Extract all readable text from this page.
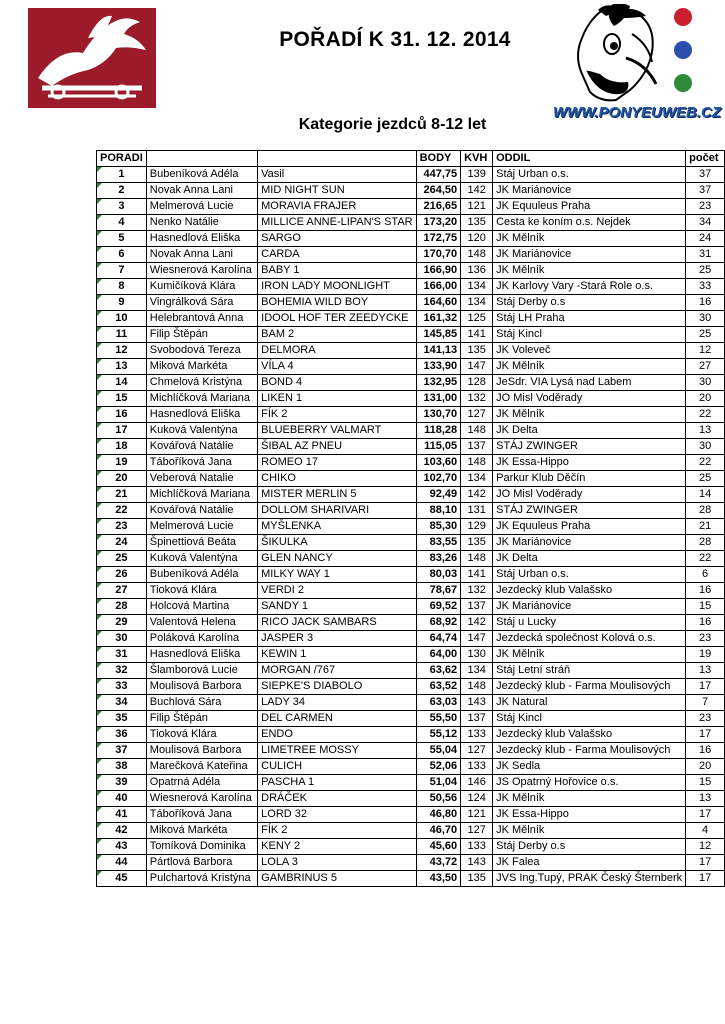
POŘADÍ K 31. 12. 2014
WWW.PONYEUWEB.CZ
Kategorie jezdců 8-12 let
PORADI			BODY	KVH	ODDIL	počet
1	Bubeníková Adéla	Vasil	447,75	139	Stáj Urban o.s.	37
2	Novak Anna Lani	MID NIGHT SUN	264,50	142	JK Mariánovice	37
3	Melmerová Lucie	MORAVIA FRAJER	216,65	121	JK Equuleus Praha	23
4	Nenko Natálie	MILLICE ANNE-LIPAN'S STAR	173,20	135	Cesta ke koním o.s. Nejdek	34
5	Hasnedlová Eliška	SARGO	172,75	120	JK Mělník	24
6	Novak Anna Lani	CARDA	170,70	148	JK Mariánovice	31
7	Wiesnerová Karolína	BABY 1	166,90	136	JK Mělník	25
8	Kumičíková Klára	IRON LADY MOONLIGHT	166,00	134	JK Karlovy Vary -Stará Role o.s.	33
9	Vingrálková Sára	BOHEMIA WILD BOY	164,60	134	Stáj Derby o.s	16
10	Helebrantová Anna	IDOOL HOF TER ZEEDYCKE	161,32	125	Stáj LH Praha	30
11	Filip Štěpán	BAM 2	145,85	141	Stáj Kincl	25
12	Svobodová Tereza	DELMORA	141,13	135	JK Voleveč	12
13	Miková Markéta	VÍLA 4	133,90	147	JK Mělník	27
14	Chmelová Kristýna	BOND 4	132,95	128	JeSdr. VIA Lysá nad Labem	30
15	Michlíčková Mariana	LIKEN 1	131,00	132	JO Misl Voděrady	20
16	Hasnedlová Eliška	FÍK 2	130,70	127	JK Mělník	22
17	Kuková Valentýna	BLUEBERRY VALMART	118,28	148	JK Delta	13
18	Kovářová Natálie	ŠIBAL AZ PNEU	115,05	137	STÁJ ZWINGER	30
19	Táboříková Jana	ROMEO 17	103,60	148	JK Essa-Hippo	22
20	Veberová Natalie	CHIKO	102,70	134	Parkur Klub Děčín	25
21	Michlíčková Mariana	MISTER MERLIN 5	92,49	142	JO Misl Voděrady	14
22	Kovářová Natálie	DOLLOM SHARIVARI	88,10	131	STÁJ ZWINGER	28
23	Melmerová Lucie	MYŠLENKA	85,30	129	JK Equuleus Praha	21
24	Špinettiová Beáta	ŠIKULKA	83,55	135	JK Mariánovice	28
25	Kuková Valentýna	GLEN NANCY	83,26	148	JK Delta	22
26	Bubeníková Adéla	MILKY WAY 1	80,03	141	Stáj Urban o.s.	6
27	Tioková Klára	VERDI 2	78,67	132	Jezdecký klub Valašsko	16
28	Holcová Martina	SANDY 1	69,52	137	JK Mariánovice	15
29	Valentová Helena	RICO JACK SAMBARS	68,92	142	Stáj u Lucky	16
30	Poláková Karolína	JASPER 3	64,74	147	Jezdecká společnost Kolová o.s.	23
31	Hasnedlová Eliška	KEWIN 1	64,00	130	JK Mělník	19
32	Šlamborová Lucie	MORGAN /767	63,62	134	Stáj Letní stráň	13
33	Moulisová Barbora	SIEPKE'S DIABOLO	63,52	148	Jezdecký klub - Farma Moulisových	17
34	Buchlová Sára	LADY 34	63,03	143	JK Natural	7
35	Filip Štěpán	DEL CARMEN	55,50	137	Stáj Kincl	23
36	Tioková Klára	ENDO	55,12	133	Jezdecký klub Valašsko	17
37	Moulisová Barbora	LIMETREE MOSSY	55,04	127	Jezdecký klub - Farma Moulisových	16
38	Marečková Kateřina	CULICH	52,06	133	JK Sedla	20
39	Opatrná Adéla	PASCHA 1	51,04	146	JS Opatrný Hořovice o.s.	15
40	Wiesnerová Karolína	DRÁČEK	50,56	124	JK Mělník	13
41	Táboříková Jana	LORD 32	46,80	121	JK Essa-Hippo	17
42	Miková Markéta	FÍK 2	46,70	127	JK Mělník	4
43	Tomíková Dominika	KENY 2	45,60	133	Stáj Derby o.s	12
44	Pártlová Barbora	LOLA 3	43,72	143	JK Falea	17
45	Pulchartová Kristýna	GAMBRINUS 5	43,50	135	JVS Ing.Tupý, PRAK Český Šternberk	17
